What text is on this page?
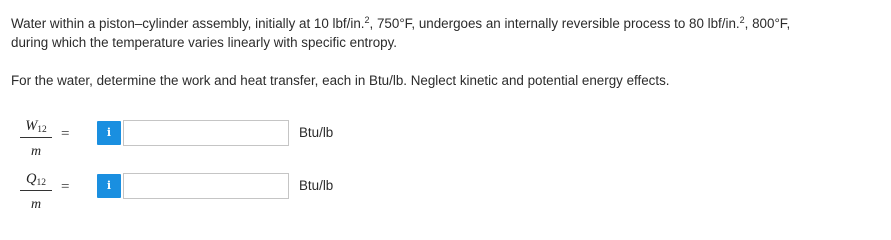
Water within a piston–cylinder assembly, initially at 10 lbf/in.$^2$, 750°F, undergoes an internally reversible process to 80 lbf/in.$^2$, 800°F,
during which the temperature varies linearly with specific entropy.

For the water, determine the work and heat transfer, each in Btu/lb. Neglect kinetic and potential energy effects.

$\frac{W_{12}}{m}$ =	i	Btu/lb
$\frac{Q_{12}}{m}$ =	i	Btu/lb
